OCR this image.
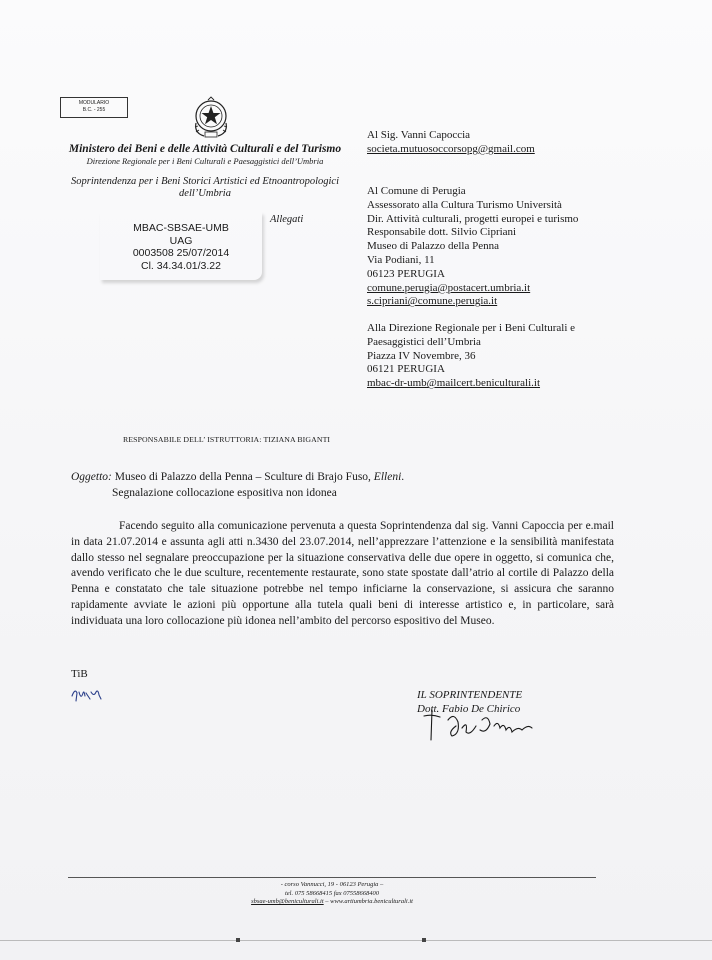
MODULARIO
B.C. - 255
Ministero dei Beni e delle Attività Culturali e del Turismo
Direzione Regionale per i Beni Culturali e Paesaggistici dell’Umbria
Soprintendenza per i Beni Storici Artistici ed Etnoantropologici
dell’Umbria
MBAC-SBSAE-UMB
UAG
0003508 25/07/2014
Cl. 34.34.01/3.22
Allegati
Al Sig. Vanni Capoccia
societa.mutuosoccorsopg@gmail.com
Al Comune di Perugia
Assessorato alla Cultura Turismo Università
Dir. Attività culturali, progetti europei e turismo
Responsabile dott. Silvio Cipriani
Museo di Palazzo della Penna
Via Podiani, 11
06123 PERUGIA
comune.perugia@postacert.umbria.it
s.cipriani@comune.perugia.it
Alla Direzione Regionale per i Beni Culturali e
Paesaggistici dell’Umbria
Piazza IV Novembre, 36
06121 PERUGIA
mbac-dr-umb@mailcert.beniculturali.it
RESPONSABILE DELL’ ISTRUTTORIA: TIZIANA BIGANTI
Oggetto: Museo di Palazzo della Penna – Sculture di Brajo Fuso, Elleni.
Segnalazione collocazione espositiva non idonea
Facendo seguito alla comunicazione pervenuta a questa Soprintendenza dal sig. Vanni Capoccia per e.mail in data 21.07.2014 e assunta agli atti n.3430 del 23.07.2014, nell’apprezzare l’attenzione e la sensibilità manifestata dallo stesso nel segnalare preoccupazione per la situazione conservativa delle due opere in oggetto, si comunica che, avendo verificato che le due sculture, recentemente restaurate, sono state spostate dall’atrio al cortile di Palazzo della Penna e constatato che tale situazione potrebbe nel tempo inficiarne la conservazione, si assicura che saranno rapidamente avviate le azioni più opportune alla tutela quali beni di interesse artistico e, in particolare, sarà individuata una loro collocazione più idonea nell’ambito del percorso espositivo del Museo.
TiB
IL SOPRINTENDENTE
Dott. Fabio De Chirico
- corso Vannucci, 19 - 06123 Perugia –
tel. 075 58668415 fax 07558668400
sbsae-umb@beniculturali.it – www.artiumbria.beniculturali.it
